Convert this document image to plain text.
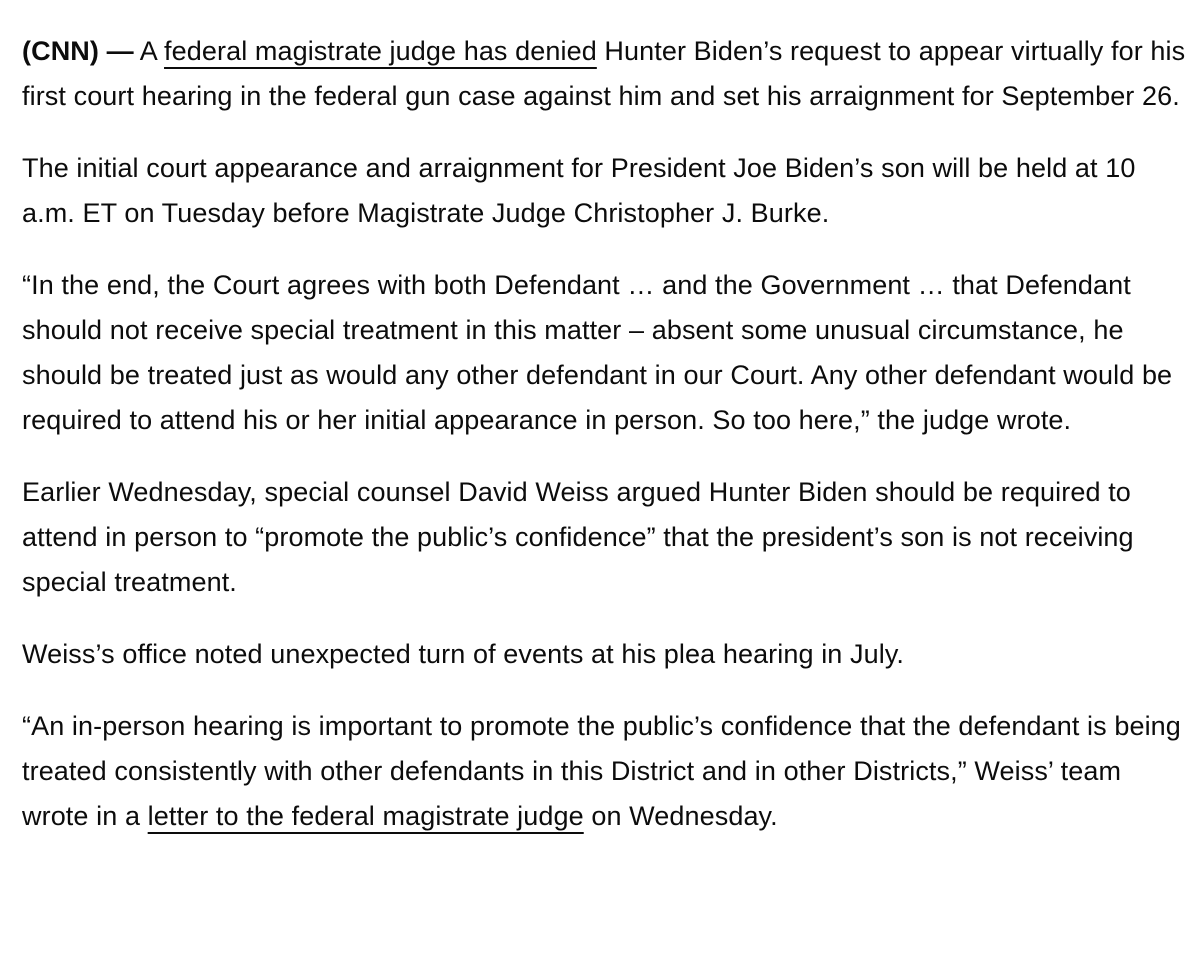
(CNN) — A federal magistrate judge has denied Hunter Biden’s request to appear virtually for his first court hearing in the federal gun case against him and set his arraignment for September 26.

The initial court appearance and arraignment for President Joe Biden’s son will be held at 10 a.m. ET on Tuesday before Magistrate Judge Christopher J. Burke.

“In the end, the Court agrees with both Defendant … and the Government … that Defendant should not receive special treatment in this matter – absent some unusual circumstance, he should be treated just as would any other defendant in our Court. Any other defendant would be required to attend his or her initial appearance in person. So too here,” the judge wrote.

Earlier Wednesday, special counsel David Weiss argued Hunter Biden should be required to attend in person to “promote the public’s confidence” that the president’s son is not receiving special treatment.

Weiss’s office noted unexpected turn of events at his plea hearing in July.

“An in-person hearing is important to promote the public’s confidence that the defendant is being treated consistently with other defendants in this District and in other Districts,” Weiss’ team wrote in a letter to the federal magistrate judge on Wednesday.
